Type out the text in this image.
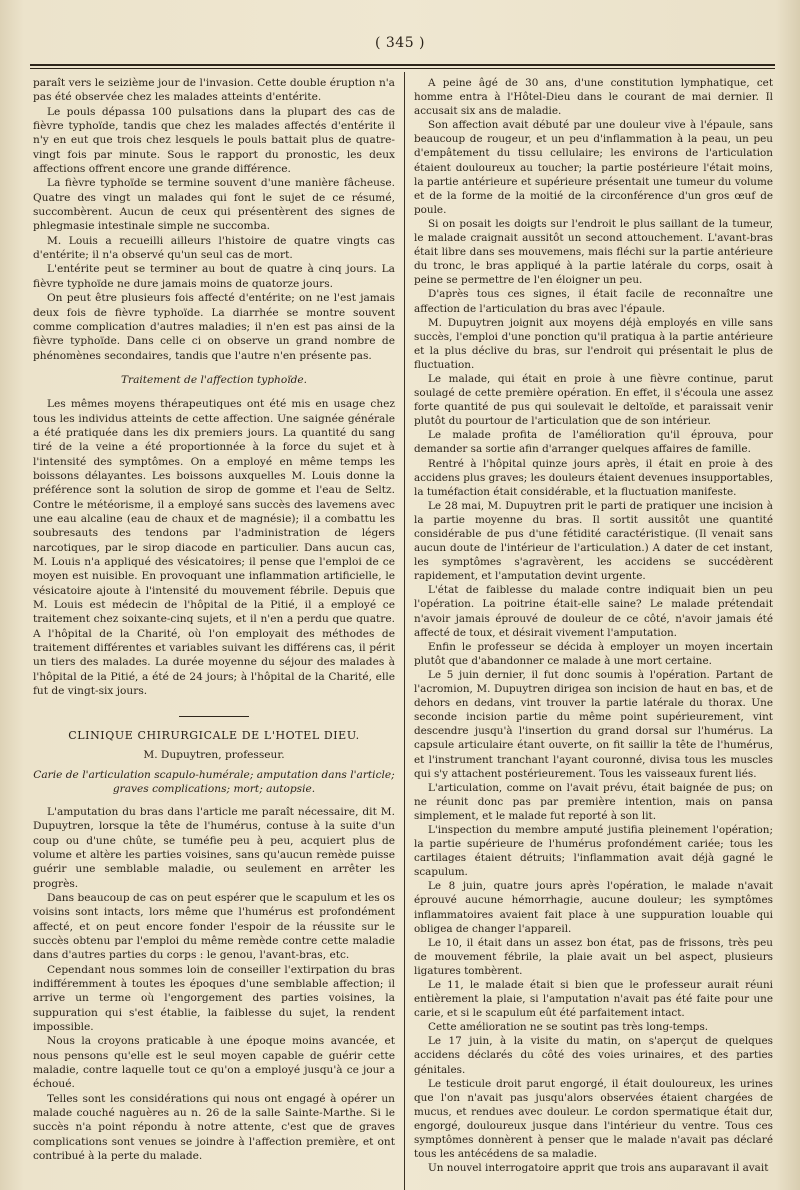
( 345 )

paraît vers le seizième jour de l'invasion. Cette double éruption n'a pas été observée chez les malades atteints d'entérite.

Le pouls dépassa 100 pulsations dans la plupart des cas de fièvre typhoïde, tandis que chez les malades affectés d'entérite il n'y en eut que trois chez lesquels le pouls battait plus de quatre-vingt fois par minute. Sous le rapport du pronostic, les deux affections offrent encore une grande différence.

La fièvre typhoïde se termine souvent d'une manière fâcheuse. Quatre des vingt un malades qui font le sujet de ce résumé, succombèrent. Aucun de ceux qui présentèrent des signes de phlegmasie intestinale simple ne succomba.

M. Louis a recueilli ailleurs l'histoire de quatre vingts cas d'entérite; il n'a observé qu'un seul cas de mort.

L'entérite peut se terminer au bout de quatre à cinq jours. La fièvre typhoïde ne dure jamais moins de quatorze jours.

On peut être plusieurs fois affecté d'entérite; on ne l'est jamais deux fois de fièvre typhoïde. La diarrhée se montre souvent comme complication d'autres maladies; il n'en est pas ainsi de la fièvre typhoïde. Dans celle ci on observe un grand nombre de phénomènes secondaires, tandis que l'autre n'en présente pas.

Traitement de l'affection typhoïde.

Les mêmes moyens thérapeutiques ont été mis en usage chez tous les individus atteints de cette affection. Une saignée générale a été pratiquée dans les dix premiers jours. La quantité du sang tiré de la veine a été proportionnée à la force du sujet et à l'intensité des symptômes. On a employé en même temps les boissons délayantes. Les boissons auxquelles M. Louis donne la préférence sont la solution de sirop de gomme et l'eau de Seltz. Contre le météorisme, il a employé sans succès des lavemens avec une eau alcaline (eau de chaux et de magnésie); il a combattu les soubresauts des tendons par l'administration de légers narcotiques, par le sirop diacode en particulier. Dans aucun cas, M. Louis n'a appliqué des vésicatoires; il pense que l'emploi de ce moyen est nuisible. En provoquant une inflammation artificielle, le vésicatoire ajoute à l'intensité du mouvement fébrile. Depuis que M. Louis est médecin de l'hôpital de la Pitié, il a employé ce traitement chez soixante-cinq sujets, et il n'en a perdu que quatre. A l'hôpital de la Charité, où l'on employait des méthodes de traitement différentes et variables suivant les différens cas, il périt un tiers des malades. La durée moyenne du séjour des malades à l'hôpital de la Pitié, a été de 24 jours; à l'hôpital de la Charité, elle fut de vingt-six jours.

CLINIQUE CHIRURGICALE DE L'HOTEL DIEU.

M. Dupuytren, professeur.

Carie de l'articulation scapulo-humérale; amputation dans l'article; graves complications; mort; autopsie.

L'amputation du bras dans l'article me paraît nécessaire, dit M. Dupuytren, lorsque la tête de l'humérus, contuse à la suite d'un coup ou d'une chûte, se tuméfie peu à peu, acquiert plus de volume et altère les parties voisines, sans qu'aucun remède puisse guérir une semblable maladie, ou seulement en arrêter les progrès.

Dans beaucoup de cas on peut espérer que le scapulum et les os voisins sont intacts, lors même que l'humérus est profondément affecté, et on peut encore fonder l'espoir de la réussite sur le succès obtenu par l'emploi du même remède contre cette maladie dans d'autres parties du corps : le genou, l'avant-bras, etc.

Cependant nous sommes loin de conseiller l'extirpation du bras indifféremment à toutes les époques d'une semblable affection; il arrive un terme où l'engorgement des parties voisines, la suppuration qui s'est établie, la faiblesse du sujet, la rendent impossible.

Nous la croyons praticable à une époque moins avancée, et nous pensons qu'elle est le seul moyen capable de guérir cette maladie, contre laquelle tout ce qu'on a employé jusqu'à ce jour a échoué.

Telles sont les considérations qui nous ont engagé à opérer un malade couché naguères au n. 26 de la salle Sainte-Marthe. Si le succès n'a point répondu à notre attente, c'est que de graves complications sont venues se joindre à l'affection première, et ont contribué à la perte du malade.

A peine âgé de 30 ans, d'une constitution lymphatique, cet homme entra à l'Hôtel-Dieu dans le courant de mai dernier. Il accusait six ans de maladie.

Son affection avait débuté par une douleur vive à l'épaule, sans beaucoup de rougeur, et un peu d'inflammation à la peau, un peu d'empâtement du tissu cellulaire; les environs de l'articulation étaient douloureux au toucher; la partie postérieure l'était moins, la partie antérieure et supérieure présentait une tumeur du volume et de la forme de la moitié de la circonférence d'un gros œuf de poule.

Si on posait les doigts sur l'endroit le plus saillant de la tumeur, le malade craignait aussitôt un second attouchement. L'avant-bras était libre dans ses mouvemens, mais fléchi sur la partie antérieure du tronc, le bras appliqué à la partie latérale du corps, osait à peine se permettre de l'en éloigner un peu.

D'après tous ces signes, il était facile de reconnaître une affection de l'articulation du bras avec l'épaule.

M. Dupuytren joignit aux moyens déjà employés en ville sans succès, l'emploi d'une ponction qu'il pratiqua à la partie antérieure et la plus déclive du bras, sur l'endroit qui présentait le plus de fluctuation.

Le malade, qui était en proie à une fièvre continue, parut soulagé de cette première opération. En effet, il s'écoula une assez forte quantité de pus qui soulevait le deltoïde, et paraissait venir plutôt du pourtour de l'articulation que de son intérieur.

Le malade profita de l'amélioration qu'il éprouva, pour demander sa sortie afin d'arranger quelques affaires de famille.

Rentré à l'hôpital quinze jours après, il était en proie à des accidens plus graves; les douleurs étaient devenues insupportables, la tuméfaction était considérable, et la fluctuation manifeste.

Le 28 mai, M. Dupuytren prit le parti de pratiquer une incision à la partie moyenne du bras. Il sortit aussitôt une quantité considérable de pus d'une fétidité caractéristique. (Il venait sans aucun doute de l'intérieur de l'articulation.) A dater de cet instant, les symptômes s'agravèrent, les accidens se succédèrent rapidement, et l'amputation devint urgente.

L'état de faiblesse du malade contre indiquait bien un peu l'opération. La poitrine était-elle saine? Le malade prétendait n'avoir jamais éprouvé de douleur de ce côté, n'avoir jamais été affecté de toux, et désirait vivement l'amputation.

Enfin le professeur se décida à employer un moyen incertain plutôt que d'abandonner ce malade à une mort certaine.

Le 5 juin dernier, il fut donc soumis à l'opération. Partant de l'acromion, M. Dupuytren dirigea son incision de haut en bas, et de dehors en dedans, vint trouver la partie latérale du thorax. Une seconde incision partie du même point supérieurement, vint descendre jusqu'à l'insertion du grand dorsal sur l'humérus. La capsule articulaire étant ouverte, on fit saillir la tête de l'humérus, et l'instrument tranchant l'ayant couronné, divisa tous les muscles qui s'y attachent postérieurement. Tous les vaisseaux furent liés.

L'articulation, comme on l'avait prévu, était baignée de pus; on ne réunit donc pas par première intention, mais on pansa simplement, et le malade fut reporté à son lit.

L'inspection du membre amputé justifia pleinement l'opération; la partie supérieure de l'humérus profondément cariée; tous les cartilages étaient détruits; l'inflammation avait déjà gagné le scapulum.

Le 8 juin, quatre jours après l'opération, le malade n'avait éprouvé aucune hémorrhagie, aucune douleur; les symptômes inflammatoires avaient fait place à une suppuration louable qui obligea de changer l'appareil.

Le 10, il était dans un assez bon état, pas de frissons, très peu de mouvement fébrile, la plaie avait un bel aspect, plusieurs ligatures tombèrent.

Le 11, le malade était si bien que le professeur aurait réuni entièrement la plaie, si l'amputation n'avait pas été faite pour une carie, et si le scapulum eût été parfaitement intact.

Cette amélioration ne se soutint pas très long-temps.

Le 17 juin, à la visite du matin, on s'aperçut de quelques accidens déclarés du côté des voies urinaires, et des parties génitales.

Le testicule droit parut engorgé, il était douloureux, les urines que l'on n'avait pas jusqu'alors observées étaient chargées de mucus, et rendues avec douleur. Le cordon spermatique était dur, engorgé, douloureux jusque dans l'intérieur du ventre. Tous ces symptômes donnèrent à penser que le malade n'avait pas déclaré tous les antécédens de sa maladie.

Un nouvel interrogatoire apprit que trois ans auparavant il avait
